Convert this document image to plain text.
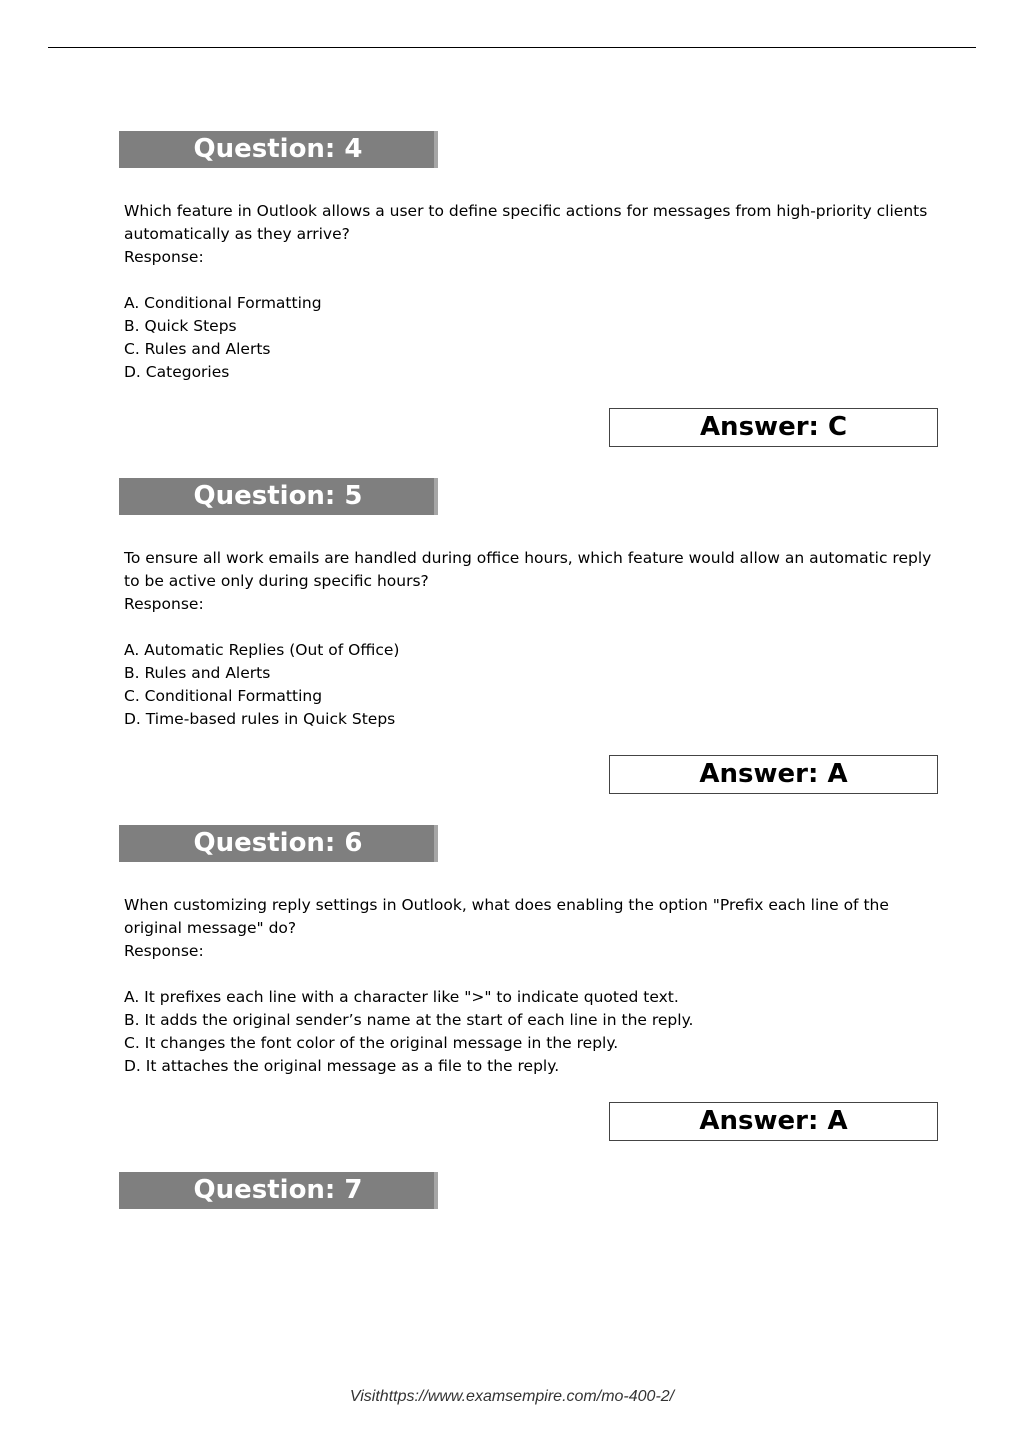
Question: 4

Which feature in Outlook allows a user to define specific actions for messages from high-priority clients automatically as they arrive?

Response:

A. Conditional Formatting
B. Quick Steps
C. Rules and Alerts
D. Categories
Answer: C
Question: 5

To ensure all work emails are handled during office hours, which feature would allow an automatic reply to be active only during specific hours?

Response:

A. Automatic Replies (Out of Office)
B. Rules and Alerts
C. Conditional Formatting
D. Time-based rules in Quick Steps
Answer: A
Question: 6

When customizing reply settings in Outlook, what does enabling the option "Prefix each line of the original message" do?

Response:

A. It prefixes each line with a character like ">" to indicate quoted text.
B. It adds the original sender’s name at the start of each line in the reply.
C. It changes the font color of the original message in the reply.
D. It attaches the original message as a file to the reply.
Answer: A
Question: 7
Visithttps://www.examsempire.com/mo-400-2/
